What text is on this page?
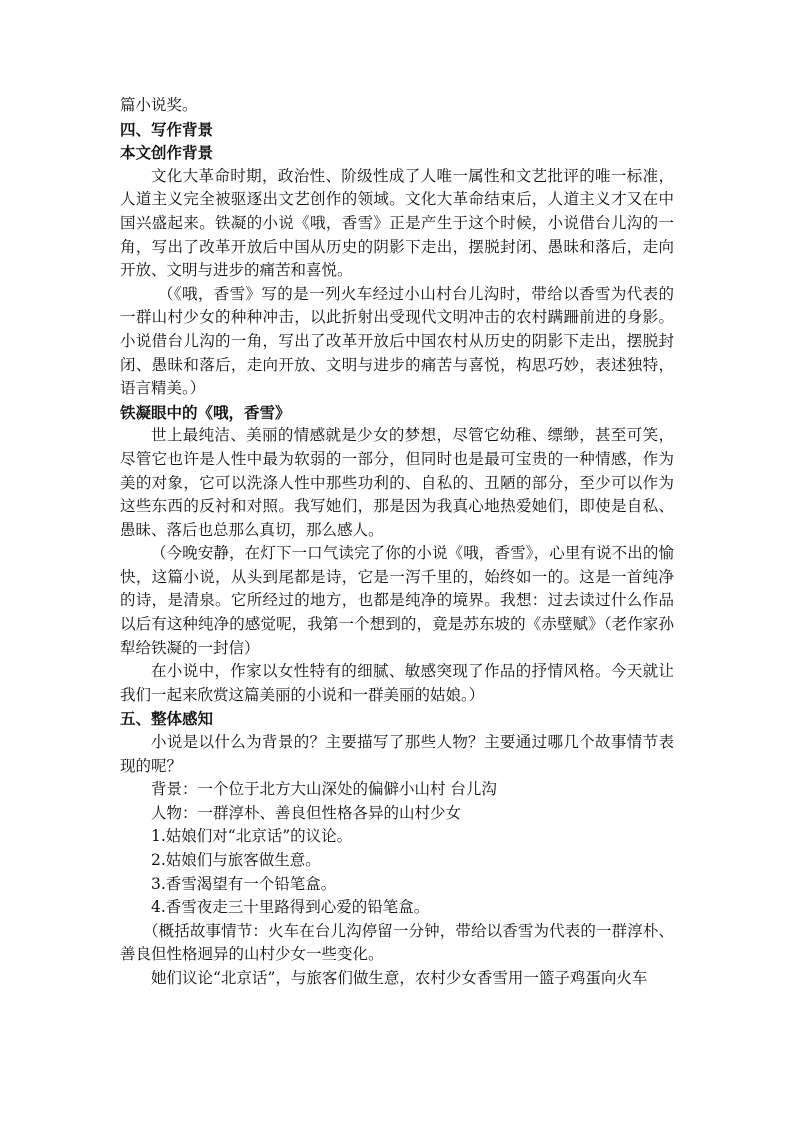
篇小说奖。

四、写作背景

本文创作背景

文化大革命时期，政治性、阶级性成了人唯一属性和文艺批评的唯一标准，人道主义完全被驱逐出文艺创作的领域。文化大革命结束后，人道主义才又在中国兴盛起来。铁凝的小说《哦，香雪》正是产生于这个时候，小说借台儿沟的一角，写出了改革开放后中国从历史的阴影下走出，摆脱封闭、愚昧和落后，走向开放、文明与进步的痛苦和喜悦。

（《哦，香雪》写的是一列火车经过小山村台儿沟时，带给以香雪为代表的一群山村少女的种种冲击，以此折射出受现代文明冲击的农村蹒跚前进的身影。小说借台儿沟的一角，写出了改革开放后中国农村从历史的阴影下走出，摆脱封闭、愚昧和落后，走向开放、文明与进步的痛苦与喜悦，构思巧妙，表述独特，语言精美。）

铁凝眼中的《哦，香雪》

世上最纯洁、美丽的情感就是少女的梦想，尽管它幼稚、缥缈，甚至可笑，尽管它也许是人性中最为软弱的一部分，但同时也是最可宝贵的一种情感，作为美的对象，它可以洗涤人性中那些功利的、自私的、丑陋的部分，至少可以作为这些东西的反衬和对照。我写她们，那是因为我真心地热爱她们，即使是自私、愚昧、落后也总那么真切，那么感人。

（今晚安静，在灯下一口气读完了你的小说《哦，香雪》，心里有说不出的愉快，这篇小说，从头到尾都是诗，它是一泻千里的，始终如一的。这是一首纯净的诗，是清泉。它所经过的地方，也都是纯净的境界。我想：过去读过什么作品以后有这种纯净的感觉呢，我第一个想到的，竟是苏东坡的《赤壁赋》（老作家孙犁给铁凝的一封信）

在小说中，作家以女性特有的细腻、敏感突现了作品的抒情风格。今天就让我们一起来欣赏这篇美丽的小说和一群美丽的姑娘。）

五、整体感知

小说是以什么为背景的？主要描写了那些人物？主要通过哪几个故事情节表现的呢？

背景：一个位于北方大山深处的偏僻小山村 台儿沟

人物：一群淳朴、善良但性格各异的山村少女

1.姑娘们对“北京话”的议论。

2.姑娘们与旅客做生意。

3.香雪渴望有一个铅笔盒。

4.香雪夜走三十里路得到心爱的铅笔盒。

（概括故事情节：火车在台儿沟停留一分钟，带给以香雪为代表的一群淳朴、善良但性格迥异的山村少女一些变化。

她们议论“北京话”，与旅客们做生意，农村少女香雪用一篮子鸡蛋向火车
